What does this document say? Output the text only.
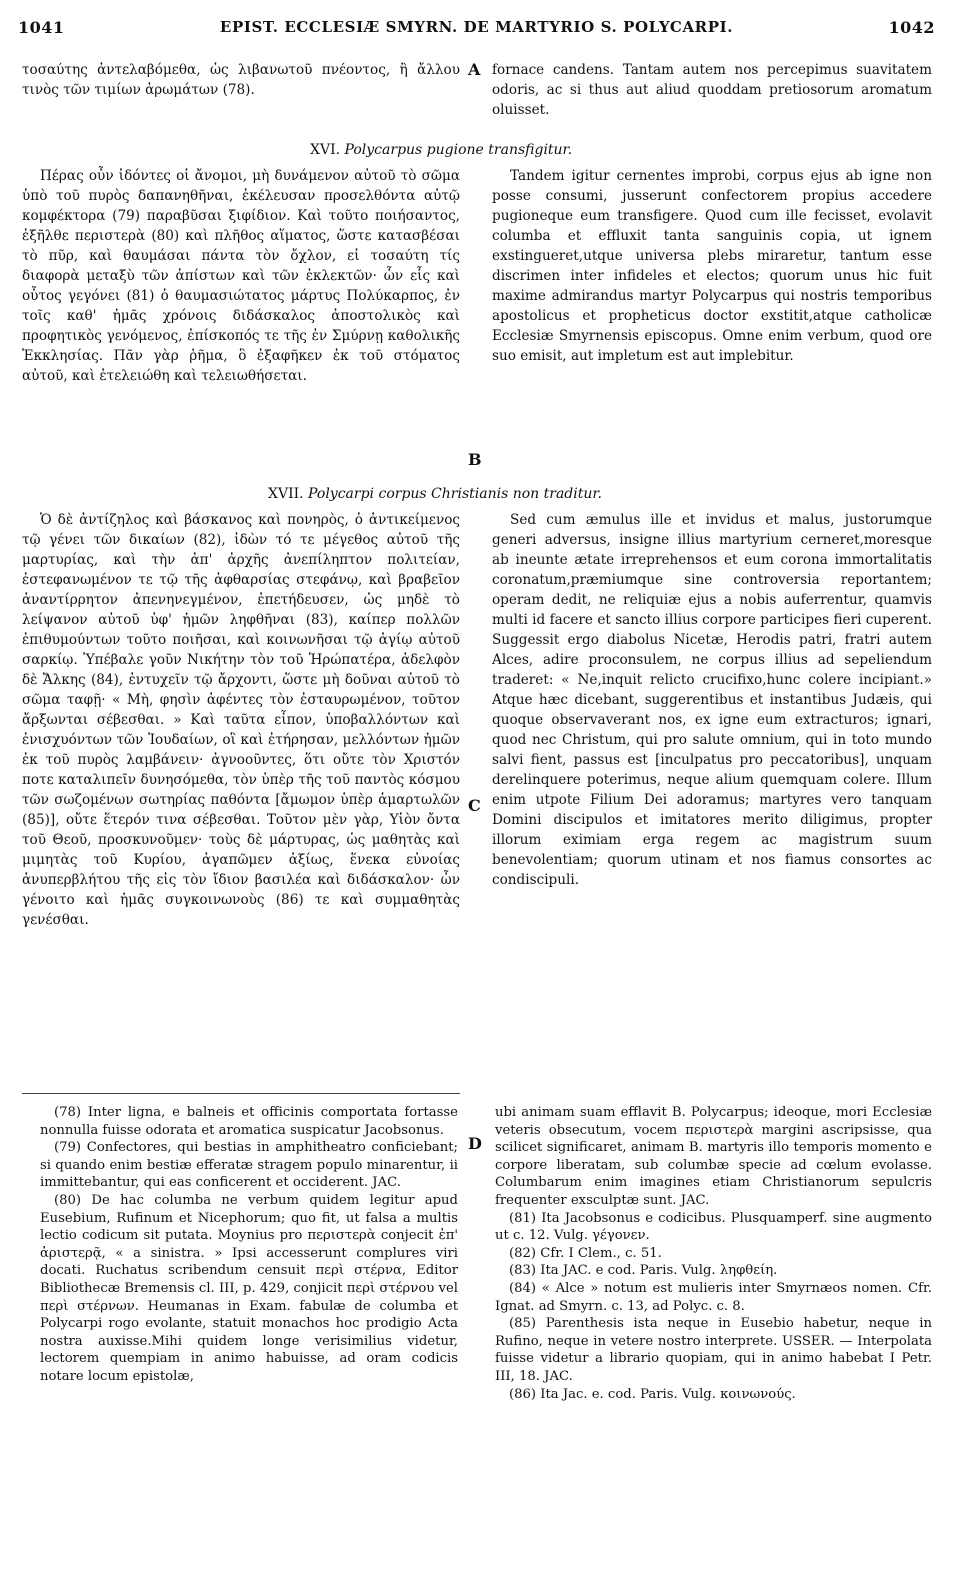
1041	EPIST. ECCLESIÆ SMYRN. DE MARTYRIO S. POLYCARPI.	1042
A
B
C
D

τοσαύτης ἀντελαβόμεθα, ὡς λιβανωτοῦ πνέοντος, ἢ ἄλλου τινὸς τῶν τιμίων ἀρωμάτων (78).

XVI. Polycarpus pugione transfigitur.

Πέρας οὖν ἰδόντες οἱ ἄνομοι, μὴ δυνάμενον αὐτοῦ τὸ σῶμα ὑπὸ τοῦ πυρὸς δαπανηθῆναι, ἐκέλευσαν προσελθόντα αὐτῷ κομφέκτορα (79) παραβῦσαι ξιφίδιον. Καὶ τοῦτο ποιήσαντος, ἐξῆλθε περιστερὰ (80) καὶ πλῆθος αἵματος, ὥστε κατασβέσαι τὸ πῦρ, καὶ θαυμάσαι πάντα τὸν ὄχλον, εἰ τοσαύτη τίς διαφορὰ μεταξὺ τῶν ἀπίστων καὶ τῶν ἐκλεκτῶν· ὧν εἷς καὶ οὗτος γεγόνει (81) ὁ θαυμασιώτατος μάρτυς Πολύκαρπος, ἐν τοῖς καθ' ἡμᾶς χρόνοις διδάσκαλος ἀποστολικὸς καὶ προφητικὸς γενόμενος, ἐπίσκοπός τε τῆς ἐν Σμύρνῃ καθολικῆς Ἐκκλησίας. Πᾶν γὰρ ῥῆμα, ὃ ἐξαφῆκεν ἐκ τοῦ στόματος αὐτοῦ, καὶ ἐτελειώθη καὶ τελειωθήσεται.

XVII. Polycarpi corpus Christianis non traditur.

Ὁ δὲ ἀντίζηλος καὶ βάσκανος καὶ πονηρὸς, ὁ ἀντικείμενος τῷ γένει τῶν δικαίων (82), ἰδὼν τό τε μέγεθος αὐτοῦ τῆς μαρτυρίας, καὶ τὴν ἀπ' ἀρχῆς ἀνεπίληπτον πολιτείαν, ἐστεφανωμένον τε τῷ τῆς ἀφθαρσίας στεφάνῳ, καὶ βραβεῖον ἀναντίρρητον ἀπενηνεγμένον, ἐπετήδευσεν, ὡς μηδὲ τὸ λείψανον αὐτοῦ ὑφ' ἡμῶν ληφθῆναι (83), καίπερ πολλῶν ἐπιθυμούντων τοῦτο ποιῆσαι, καὶ κοινωνῆσαι τῷ ἁγίῳ αὐτοῦ σαρκίῳ. Ὑπέβαλε γοῦν Νικήτην τὸν τοῦ Ἡρώπατέρα, ἀδελφὸν δὲ Ἄλκης (84), ἐντυχεῖν τῷ ἄρχοντι, ὥστε μὴ δοῦναι αὐτοῦ τὸ σῶμα ταφῇ· « Μὴ, φησὶν ἀφέντες τὸν ἐσταυρωμένον, τοῦτον ἄρξωνται σέβεσθαι. » Καὶ ταῦτα εἶπον, ὑποβαλλόντων καὶ ἐνισχυόντων τῶν Ἰουδαίων, οἳ καὶ ἐτήρησαν, μελλόντων ἡμῶν ἐκ τοῦ πυρὸς λαμβάνειν· ἀγνοοῦντες, ὅτι οὔτε τὸν Χριστόν ποτε καταλιπεῖν δυνησόμεθα, τὸν ὑπὲρ τῆς τοῦ παντὸς κόσμου τῶν σωζομένων σωτηρίας παθόντα [ἄμωμον ὑπὲρ ἁμαρτωλῶν (85)], οὔτε ἕτερόν τινα σέβεσθαι. Τοῦτον μὲν γὰρ, Υἱὸν ὄντα τοῦ Θεοῦ, προσκυνοῦμεν· τοὺς δὲ μάρτυρας, ὡς μαθητὰς καὶ μιμητὰς τοῦ Κυρίου, ἀγαπῶμεν ἀξίως, ἕνεκα εὐνοίας ἀνυπερβλήτου τῆς εἰς τὸν ἴδιον βασιλέα καὶ διδάσκαλον· ὧν γένοιτο καὶ ἡμᾶς συγκοινωνοὺς (86) τε καὶ συμμαθητὰς γενέσθαι.

fornace candens. Tantam autem nos percepimus suavitatem odoris, ac si thus aut aliud quoddam pretiosorum aromatum oluisset.

Tandem igitur cernentes improbi, corpus ejus ab igne non posse consumi, jusserunt confectorem propius accedere pugioneque eum transfigere. Quod cum ille fecisset, evolavit columba et effluxit tanta sanguinis copia, ut ignem exstingueret,utque universa plebs miraretur, tantum esse discrimen inter infideles et electos; quorum unus hic fuit maxime admirandus martyr Polycarpus qui nostris temporibus apostolicus et propheticus doctor exstitit,atque catholicæ Ecclesiæ Smyrnensis episcopus. Omne enim verbum, quod ore suo emisit, aut impletum est aut implebitur.

Sed cum æmulus ille et invidus et malus, justorumque generi adversus, insigne illius martyrium cerneret,moresque ab ineunte ætate irreprehensos et eum corona immortalitatis coronatum,præmiumque sine controversia reportantem; operam dedit, ne reliquiæ ejus a nobis auferrentur, quamvis multi id facere et sancto illius corpore participes fieri cuperent. Suggessit ergo diabolus Nicetæ, Herodis patri, fratri autem Alces, adire proconsulem, ne corpus illius ad sepeliendum traderet: « Ne,inquit relicto crucifixo,hunc colere incipiant.» Atque hæc dicebant, suggerentibus et instantibus Judæis, qui quoque observaverant nos, ex igne eum extracturos; ignari, quod nec Christum, qui pro salute omnium, qui in toto mundo salvi fient, passus est [inculpatus pro peccatoribus], unquam derelinquere poterimus, neque alium quemquam colere. Illum enim utpote Filium Dei adoramus; martyres vero tanquam Domini discipulos et imitatores merito diligimus, propter illorum eximiam erga regem ac magistrum suum benevolentiam; quorum utinam et nos fiamus consortes ac condiscipuli.

(78) Inter ligna, e balneis et officinis comportata fortasse nonnulla fuisse odorata et aromatica suspicatur Jacobsonus.

(79) Confectores, qui bestias in amphitheatro conficiebant; si quando enim bestiæ efferatæ stragem populo minarentur, ii immittebantur, qui eas conficerent et occiderent. JAC.

(80) De hac columba ne verbum quidem legitur apud Eusebium, Rufinum et Nicephorum; quo fit, ut falsa a multis lectio codicum sit putata. Moynius pro περιστερὰ conjecit ἐπ' ἀριστερᾷ, « a sinistra. » Ipsi accesserunt complures viri docati. Ruchatus scribendum censuit περὶ στέρνα, Editor Bibliothecæ Bremensis cl. III, p. 429, conjicit περὶ στέρνου vel περὶ στέρνων. Heumanas in Exam. fabulæ de columba et Polycarpi rogo evolante, statuit monachos hoc prodigio Acta nostra auxisse.Mihi quidem longe verisimilius videtur, lectorem quempiam in animo habuisse, ad oram codicis notare locum epistolæ,

ubi animam suam efflavit B. Polycarpus; ideoque, mori Ecclesiæ veteris obsecutum, vocem περιστερὰ margini ascripsisse, qua scilicet significaret, animam B. martyris illo temporis momento e corpore liberatam, sub columbæ specie ad cœlum evolasse. Columbarum enim imagines etiam Christianorum sepulcris frequenter exsculptæ sunt. JAC.

(81) Ita Jacobsonus e codicibus. Plusquamperf. sine augmento ut c. 12. Vulg. γέγονεν.

(82) Cfr. I Clem., c. 51.

(83) Ita JAC. e cod. Paris. Vulg. ληφθείη.

(84) « Alce » notum est mulieris inter Smyrnæos nomen. Cfr. Ignat. ad Smyrn. c. 13, ad Polyc. c. 8.

(85) Parenthesis ista neque in Eusebio habetur, neque in Rufino, neque in vetere nostro interprete. USSER. — Interpolata fuisse videtur a librario quopiam, qui in animo habebat I Petr. III, 18. JAC.

(86) Ita Jac. e. cod. Paris. Vulg. κοινωνούς.
